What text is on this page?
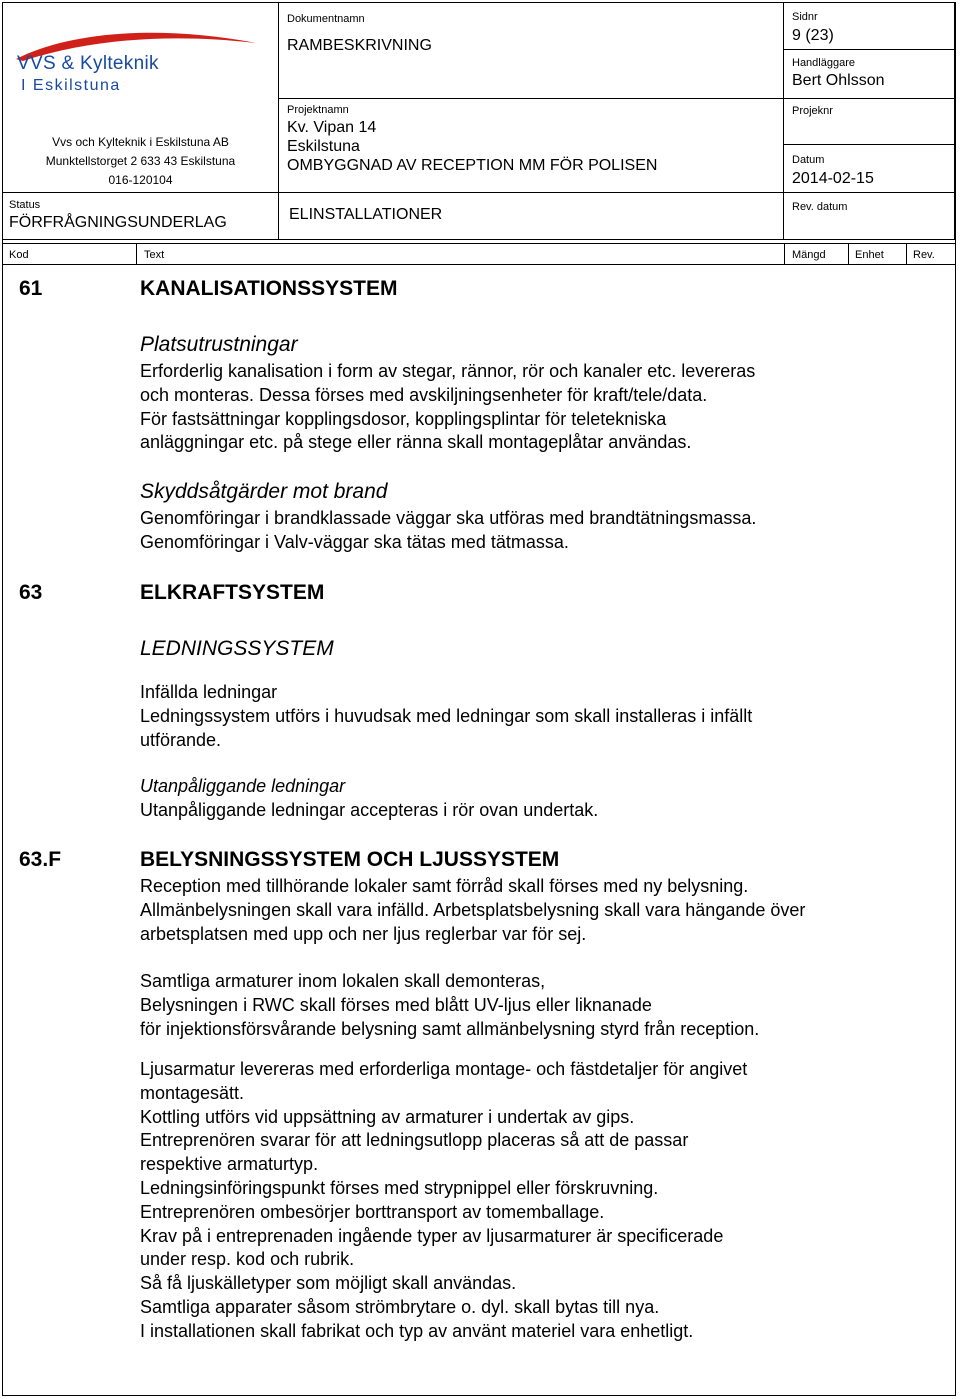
VVS & Kylteknik
I Eskilstuna
Vvs och Kylteknik i Eskilstuna AB
Munktellstorget 2 633 43 Eskilstuna
016-120104
Status
FÖRFRÅGNINGSUNDERLAG
Dokumentnamn
RAMBESKRIVNING
Projektnamn
Kv. Vipan 14
Eskilstuna
OMBYGGNAD AV RECEPTION MM FÖR POLISEN
ELINSTALLATIONER
Sidnr
9 (23)
Handläggare
Bert Ohlsson
Projeknr
Datum
2014-02-15
Rev. datum
Kod	Text	Mängd	Enhet	Rev.
61	KANALISATIONSSYSTEM
Platsutrustningar
Erforderlig kanalisation i form av stegar, rännor, rör och kanaler etc. levereras
och monteras. Dessa förses med avskiljningsenheter för kraft/tele/data.
För fastsättningar kopplingsdosor, kopplingsplintar för teletekniska
anläggningar etc. på stege eller ränna skall montageplåtar användas.
Skyddsåtgärder mot brand
Genomföringar i brandklassade väggar ska utföras med brandtätningsmassa.
Genomföringar i Valv-väggar ska tätas med tätmassa.
63	ELKRAFTSYSTEM
LEDNINGSSYSTEM
Infällda ledningar
Ledningssystem utförs i huvudsak med ledningar som skall installeras i infällt
utförande.
Utanpåliggande ledningar
Utanpåliggande ledningar accepteras i rör ovan undertak.
63.F	BELYSNINGSSYSTEM OCH LJUSSYSTEM
Reception med tillhörande lokaler samt förråd skall förses med ny belysning.
Allmänbelysningen skall vara infälld. Arbetsplatsbelysning skall vara hängande över
arbetsplatsen med upp och ner ljus reglerbar var för sej.
Samtliga armaturer inom lokalen skall demonteras,
Belysningen i RWC skall förses med blått UV-ljus eller liknanade
för injektionsförsvårande belysning samt allmänbelysning styrd från reception.
Ljusarmatur levereras med erforderliga montage- och fästdetaljer för angivet
montagesätt.
Kottling utförs vid uppsättning av armaturer i undertak av gips.
Entreprenören svarar för att ledningsutlopp placeras så att de passar
respektive armaturtyp.
Ledningsinföringspunkt förses med strypnippel eller förskruvning.
Entreprenören ombesörjer borttransport av tomemballage.
Krav på i entreprenaden ingående typer av ljusarmaturer är specificerade
under resp. kod och rubrik.
Så få ljuskälletyper som möjligt skall användas.
Samtliga apparater såsom strömbrytare o. dyl. skall bytas till nya.
I installationen skall fabrikat och typ av använt materiel vara enhetligt.
